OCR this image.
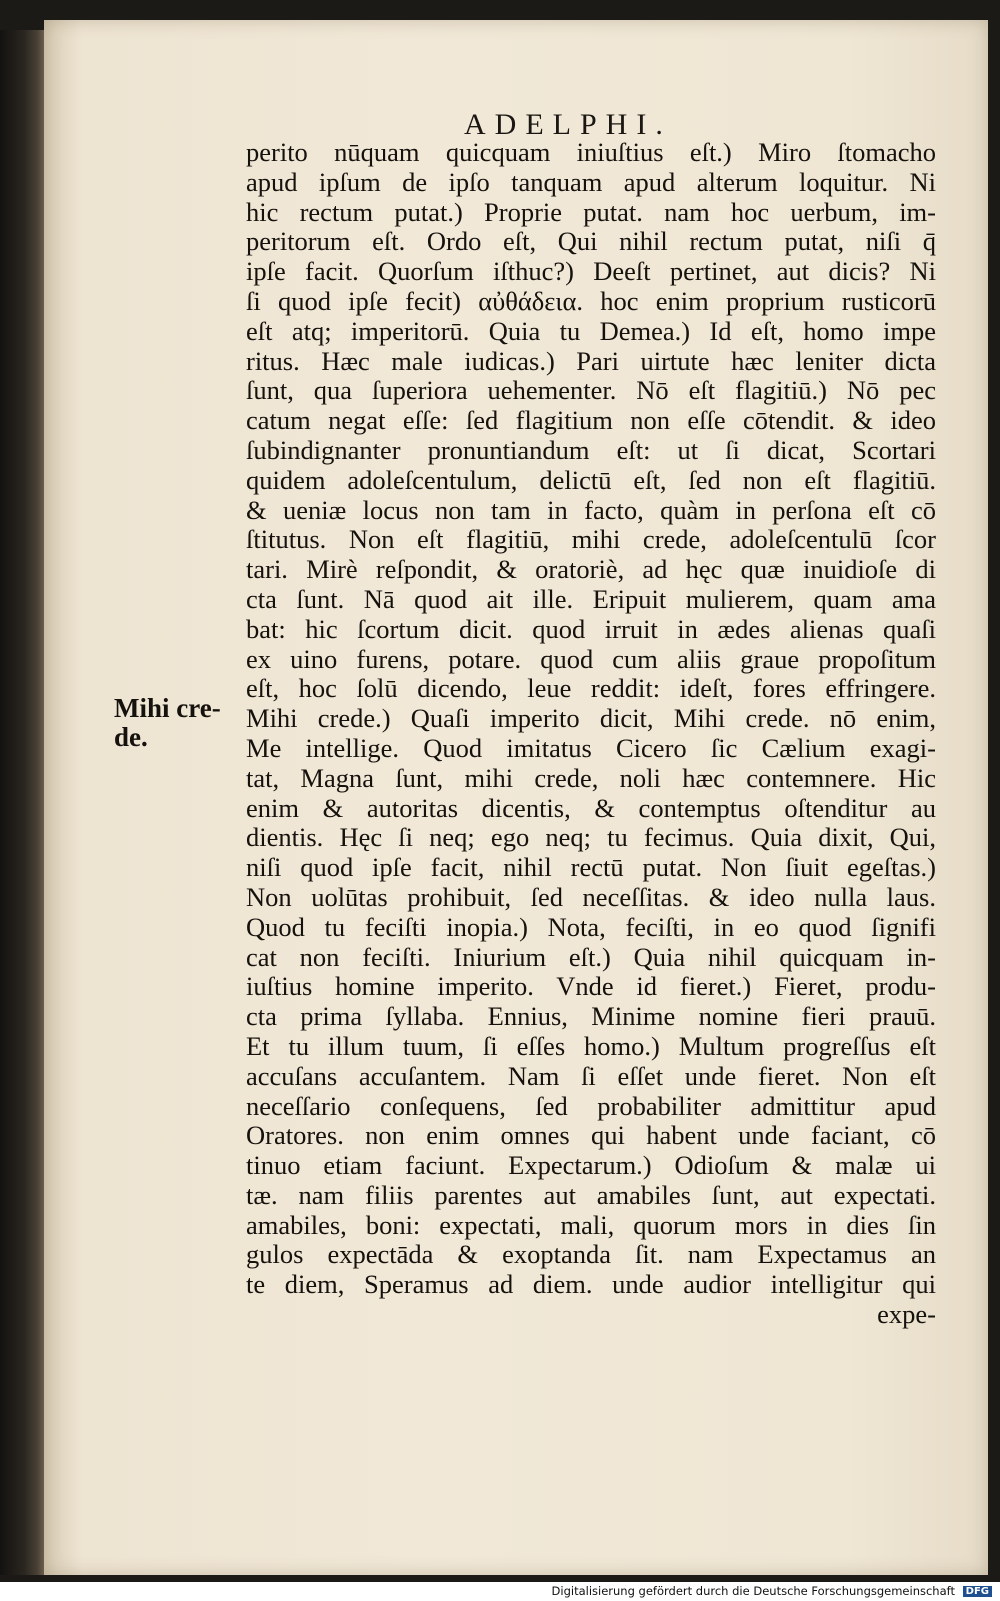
ADELPHI.
Mihi cre-
de.
perito nūquam quicquam iniuſtius eſt.) Miro ſtomacho
apud ipſum de ipſo tanquam apud alterum loquitur. Ni
hic rectum putat.) Proprie putat. nam hoc uerbum, im-
peritorum eſt. Ordo eſt, Qui nihil rectum putat, niſi q̄
ipſe facit. Quorſum iſthuc?) Deeſt pertinet, aut dicis? Ni
ſi quod ipſe fecit) αὐθάδεια. hoc enim proprium rusticorū
eſt atq; imperitorū. Quia tu Demea.) Id eſt, homo impe
ritus. Hæc male iudicas.) Pari uirtute hæc leniter dicta
ſunt, qua ſuperiora uehementer. Nō eſt flagitiū.) Nō pec
catum negat eſſe: ſed flagitium non eſſe cōtendit. & ideo
ſubindignanter pronuntiandum eſt: ut ſi dicat, Scortari
quidem adoleſcentulum, delictū eſt, ſed non eſt flagitiū.
& ueniæ locus non tam in facto, quàm in perſona eſt cō
ſtitutus. Non eſt flagitiū, mihi crede, adoleſcentulū ſcor
tari. Mirè reſpondit, & oratoriè, ad hęc quæ inuidioſe di
cta ſunt. Nā quod ait ille. Eripuit mulierem, quam ama
bat: hic ſcortum dicit. quod irruit in ædes alienas quaſi
ex uino furens, potare. quod cum aliis graue propoſitum
eſt, hoc ſolū dicendo, leue reddit: ideſt, fores effringere.
Mihi crede.) Quaſi imperito dicit, Mihi crede. nō enim,
Me intellige. Quod imitatus Cicero ſic Cælium exagi-
tat, Magna ſunt, mihi crede, noli hæc contemnere. Hic
enim & autoritas dicentis, & contemptus oſtenditur au
dientis. Hęc ſi neq; ego neq; tu fecimus. Quia dixit, Qui,
niſi quod ipſe facit, nihil rectū putat. Non ſiuit egeſtas.)
Non uolūtas prohibuit, ſed neceſſitas. & ideo nulla laus.
Quod tu feciſti inopia.) Nota, feciſti, in eo quod ſignifi
cat non feciſti. Iniurium eſt.) Quia nihil quicquam in-
iuſtius homine imperito. Vnde id fieret.) Fieret, produ-
cta prima ſyllaba. Ennius, Minime nomine fieri prauū.
Et tu illum tuum, ſi eſſes homo.) Multum progreſſus eſt
accuſans accuſantem. Nam ſi eſſet unde fieret. Non eſt
neceſſario conſequens, ſed probabiliter admittitur apud
Oratores. non enim omnes qui habent unde faciant, cō
tinuo etiam faciunt. Expectarum.) Odioſum & malæ ui
tæ. nam filiis parentes aut amabiles ſunt, aut expectati.
amabiles, boni: expectati, mali, quorum mors in dies ſin
gulos expectāda & exoptanda ſit. nam Expectamus an
te diem, Speramus ad diem. unde audior intelligitur qui
expe-
Digitalisierung gefördert durch die Deutsche Forschungsgemeinschaft DFG
